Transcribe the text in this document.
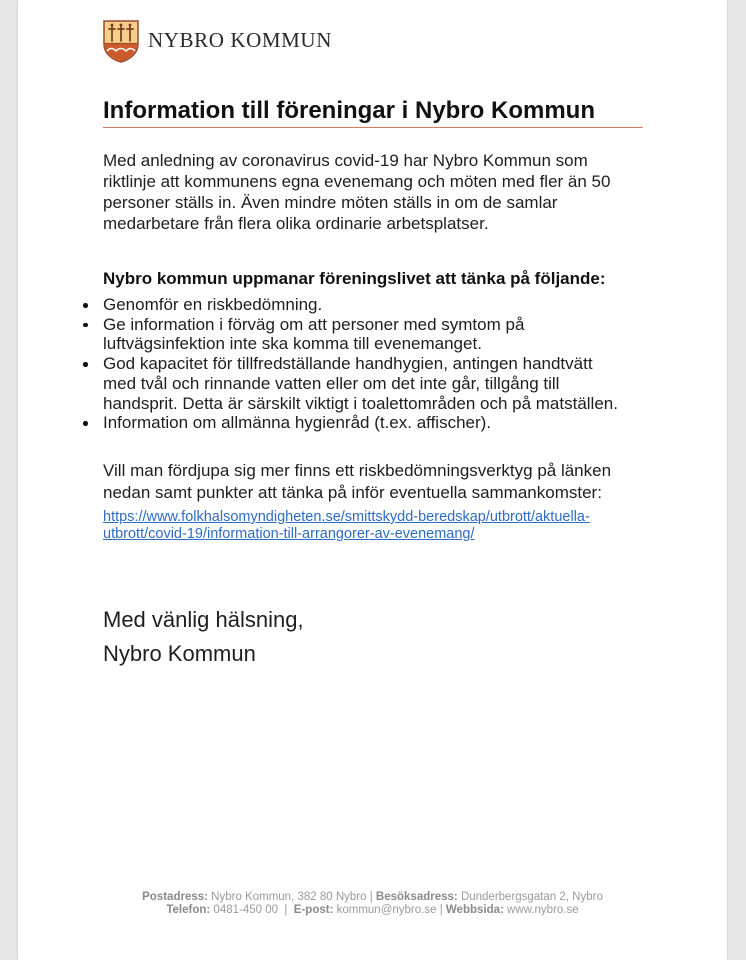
NYBRO KOMMUN
Information till föreningar i Nybro Kommun
Med anledning av coronavirus covid-19 har Nybro Kommun som
riktlinje att kommunens egna evenemang och möten med fler än 50
personer ställs in. Även mindre möten ställs in om de samlar
medarbetare från flera olika ordinarie arbetsplatser.
Nybro kommun uppmanar föreningslivet att tänka på följande:
Genomför en riskbedömning.
Ge information i förväg om att personer med symtom på
luftvägsinfektion inte ska komma till evenemanget.
God kapacitet för tillfredställande handhygien, antingen handtvätt
med tvål och rinnande vatten eller om det inte går, tillgång till
handsprit. Detta är särskilt viktigt i toalettområden och på matställen.
Information om allmänna hygienråd (t.ex. affischer).
Vill man fördjupa sig mer finns ett riskbedömningsverktyg på länken
nedan samt punkter att tänka på inför eventuella sammankomster:
https://www.folkhalsomyndigheten.se/smittskydd-beredskap/utbrott/aktuella-
utbrott/covid-19/information-till-arrangorer-av-evenemang/
Med vänlig hälsning,
Nybro Kommun
Postadress: Nybro Kommun, 382 80 Nybro | Besöksadress: Dunderbergsgatan 2, Nybro
Telefon: 0481-450 00 | E-post: kommun@nybro.se | Webbsida: www.nybro.se
